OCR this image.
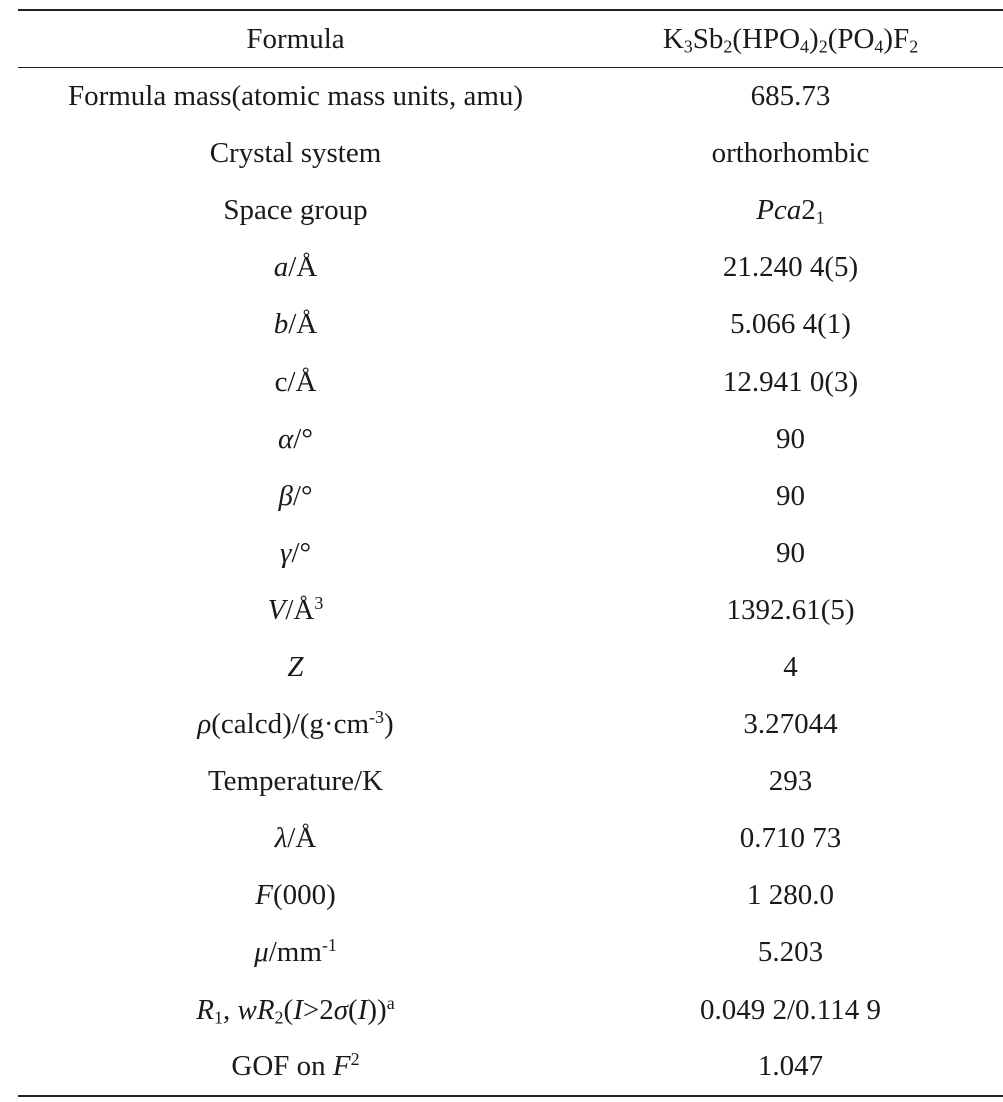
Formula	$K_3Sb_2(HPO_4)_2(PO_4)F_2$
Formula mass(atomic mass units, amu)	685.73
Crystal system	orthorhombic
Space group	$Pca2_1$
a/Å	21.240 4(5)
b/Å	5.066 4(1)
c/Å	12.941 0(3)
α/°	90
β/°	90
γ/°	90
$V/Å^3$	1392.61(5)
Z	4
$\rho(calcd)/(g\cdot cm^{-3})$	3.27044
Temperature/K	293
λ/Å	0.710 73
F(000)	1 280.0
$\mu/mm^{-1}$	5.203
$R_1$, $wR_2(I>2\sigma(I))^a$	0.049 2/0.114 9
GOF on $F^2$	1.047
